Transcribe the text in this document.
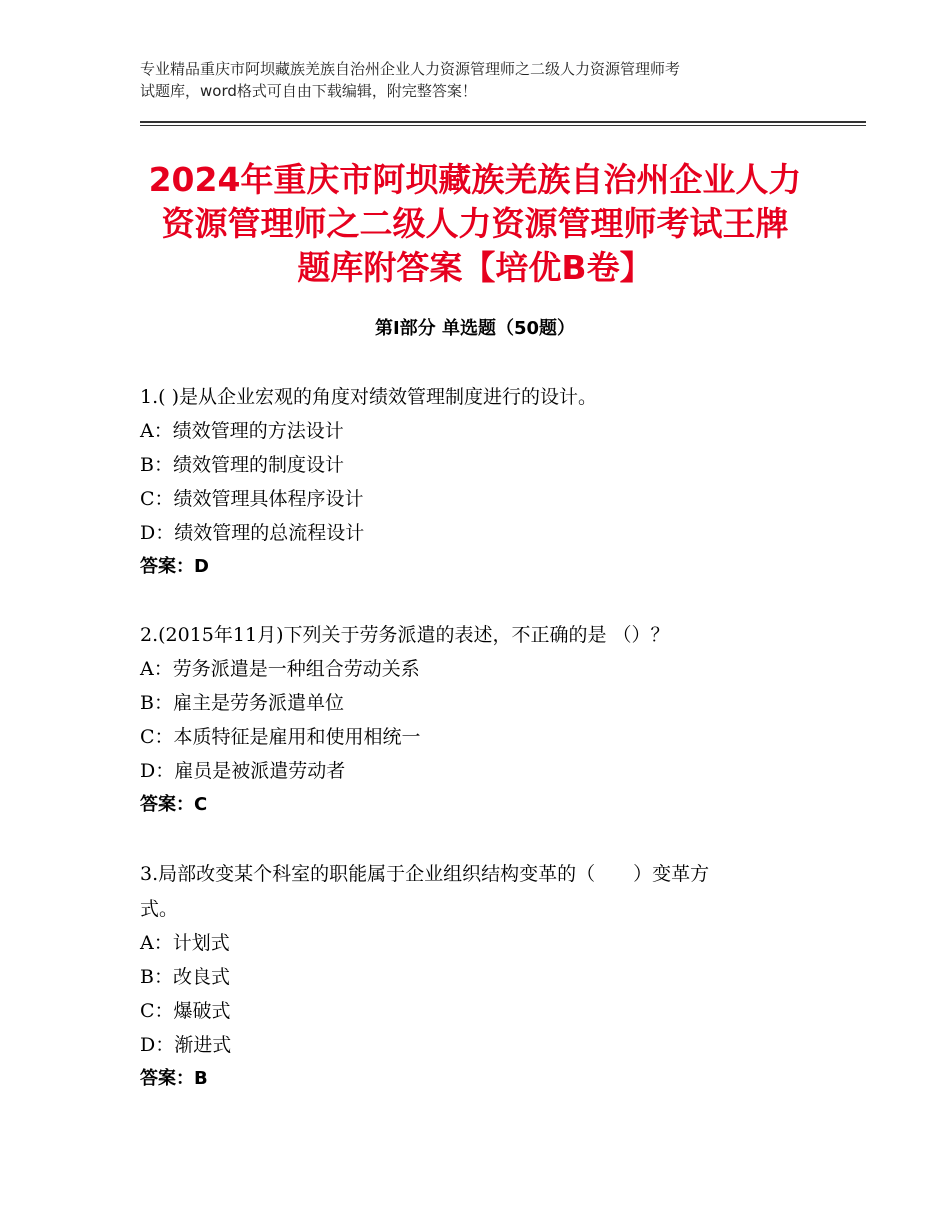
专业精品重庆市阿坝藏族羌族自治州企业人力资源管理师之二级人力资源管理师考
试题库，word格式可自由下载编辑，附完整答案！
2024年重庆市阿坝藏族羌族自治州企业人力
资源管理师之二级人力资源管理师考试王牌
题库附答案【培优B卷】
第Ⅰ部分 单选题（50题）
1.( )是从企业宏观的角度对绩效管理制度进行的设计。
A：绩效管理的方法设计
B：绩效管理的制度设计
C：绩效管理具体程序设计
D：绩效管理的总流程设计
答案：D
2.(2015年11月)下列关于劳务派遣的表述，不正确的是 （）？
A：劳务派遣是一种组合劳动关系
B：雇主是劳务派遣单位
C：本质特征是雇用和使用相统一
D：雇员是被派遣劳动者
答案：C
3.局部改变某个科室的职能属于企业组织结构变革的（　　）变革方
式。
A：计划式
B：改良式
C：爆破式
D：渐进式
答案：B
